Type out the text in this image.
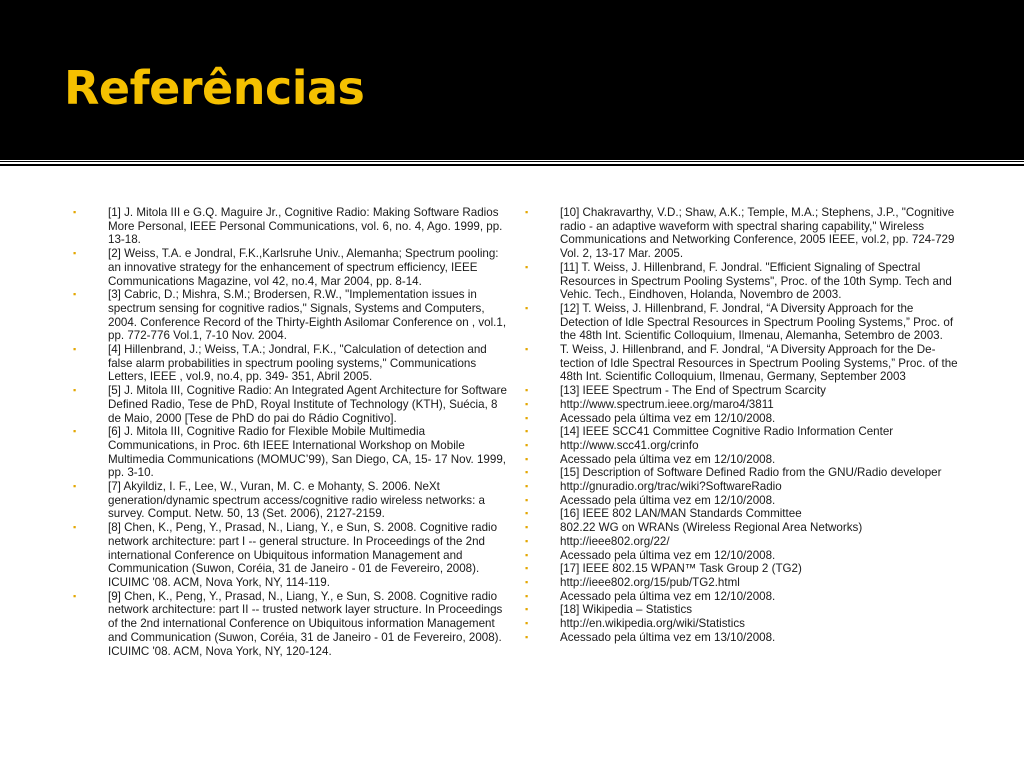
Referências
▪	[1] J. Mitola III e G.Q. Maguire Jr., Cognitive Radio: Making Software Radios More Personal, IEEE Personal Communications, vol. 6, no. 4, Ago. 1999, pp. 13-18.
▪	[2] Weiss, T.A. e Jondral, F.K.,Karlsruhe Univ., Alemanha; Spectrum pooling: an innovative strategy for the enhancement of spectrum efficiency, IEEE Communications Magazine, vol 42, no.4, Mar 2004, pp. 8-14.
▪	[3] Cabric, D.; Mishra, S.M.; Brodersen, R.W., "Implementation issues in spectrum sensing for cognitive radios," Signals, Systems and Computers, 2004. Conference Record of the Thirty-Eighth Asilomar Conference on , vol.1, pp. 772-776 Vol.1, 7-10 Nov. 2004.
▪	[4] Hillenbrand, J.; Weiss, T.A.; Jondral, F.K., "Calculation of detection and false alarm probabilities in spectrum pooling systems," Communications Letters, IEEE , vol.9, no.4, pp. 349- 351, Abril 2005.
▪	[5] J. Mitola III, Cognitive Radio: An Integrated Agent Architecture for Software Defined Radio, Tese de PhD, Royal Institute of Technology (KTH), Suécia, 8 de Maio, 2000 [Tese de PhD do pai do Rádio Cognitivo].
▪	[6] J. Mitola III, Cognitive Radio for Flexible Mobile Multimedia Communications, in Proc. 6th IEEE International Workshop on Mobile Multimedia Communications (MOMUC’99), San Diego, CA, 15- 17 Nov. 1999, pp. 3-10.
▪	[7] Akyildiz, I. F., Lee, W., Vuran, M. C. e Mohanty, S. 2006. NeXt generation/dynamic spectrum access/cognitive radio wireless networks: a survey. Comput. Netw. 50, 13 (Set. 2006), 2127-2159.
▪	[8] Chen, K., Peng, Y., Prasad, N., Liang, Y., e Sun, S. 2008. Cognitive radio network architecture: part I -- general structure. In Proceedings of the 2nd international Conference on Ubiquitous information Management and Communication (Suwon, Coréia, 31 de Janeiro - 01 de Fevereiro, 2008). ICUIMC '08. ACM, Nova York, NY, 114-119.
▪	[9] Chen, K., Peng, Y., Prasad, N., Liang, Y., e Sun, S. 2008. Cognitive radio network architecture: part II -- trusted network layer structure. In Proceedings of the 2nd international Conference on Ubiquitous information Management and Communication (Suwon, Coréia, 31 de Janeiro - 01 de Fevereiro, 2008). ICUIMC '08. ACM, Nova York, NY, 120-124.
▪	[10] Chakravarthy, V.D.; Shaw, A.K.; Temple, M.A.; Stephens, J.P., "Cognitive radio - an adaptive waveform with spectral sharing capability," Wireless Communications and Networking Conference, 2005 IEEE, vol.2, pp. 724-729 Vol. 2, 13-17 Mar. 2005.
▪	[11] T. Weiss, J. Hillenbrand, F. Jondral. "Efficient Signaling of Spectral Resources in Spectrum Pooling Systems", Proc. of the 10th Symp. Tech and Vehic. Tech., Eindhoven, Holanda, Novembro de 2003.
▪	[12] T. Weiss, J. Hillenbrand, F. Jondral, “A Diversity Approach for the Detection of Idle Spectral Resources in Spectrum Pooling Systems,” Proc. of the 48th Int. Scientific Colloquium, Ilmenau, Alemanha, Setembro de 2003.
▪	T. Weiss, J. Hillenbrand, and F. Jondral, “A Diversity Approach for the De- tection of Idle Spectral Resources in Spectrum Pooling Systems,” Proc. of the 48th Int. Scientific Colloquium, Ilmenau, Germany, September 2003
▪	[13] IEEE Spectrum - The End of Spectrum Scarcity
▪	http://www.spectrum.ieee.org/maro4/3811
▪	Acessado pela última vez em 12/10/2008.
▪	[14] IEEE SCC41 Committee Cognitive Radio Information Center
▪	http://www.scc41.org/crinfo
▪	Acessado pela última vez em 12/10/2008.
▪	[15] Description of Software Defined Radio from the GNU/Radio developer
▪	http://gnuradio.org/trac/wiki?SoftwareRadio
▪	Acessado pela última vez em 12/10/2008.
▪	[16] IEEE 802 LAN/MAN Standards Committee
▪	802.22 WG on WRANs (Wireless Regional Area Networks)
▪	http://ieee802.org/22/
▪	Acessado pela última vez em 12/10/2008.
▪	[17] IEEE 802.15 WPAN™ Task Group 2 (TG2)
▪	http://ieee802.org/15/pub/TG2.html
▪	Acessado pela última vez em 12/10/2008.
▪	[18] Wikipedia – Statistics
▪	http://en.wikipedia.org/wiki/Statistics
▪	Acessado pela última vez em 13/10/2008.
